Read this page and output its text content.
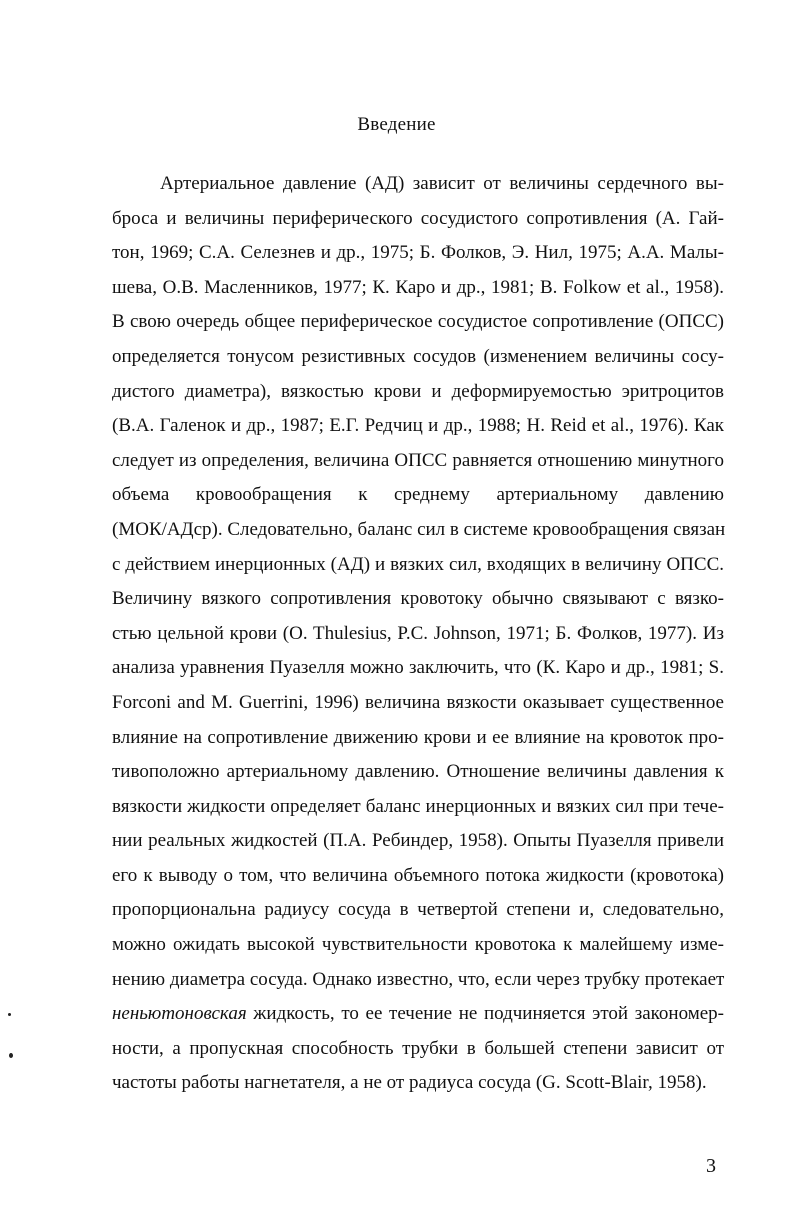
Введение
Артериальное давление (АД) зависит от величины сердечного вы-
броса и величины периферического сосудистого сопротивления (А. Гай-
тон, 1969; С.А. Селезнев и др., 1975; Б. Фолков, Э. Нил, 1975; А.А. Малы-
шева, О.В. Масленников, 1977; К. Каро и др., 1981; B. Folkow et al., 1958).
В свою очередь общее периферическое сосудистое сопротивление (ОПСС)
определяется тонусом резистивных сосудов (изменением величины сосу-
дистого диаметра), вязкостью крови и деформируемостью эритроцитов
(В.А. Галенок и др., 1987; Е.Г. Редчиц и др., 1988; H. Reid et al., 1976). Как
следует из определения, величина ОПСС равняется отношению минутного
объема кровообращения к среднему артериальному давлению
(МОК/АДср). Следовательно, баланс сил в системе кровообращения связан
с действием инерционных (АД) и вязких сил, входящих в величину ОПСС.
Величину вязкого сопротивления кровотоку обычно связывают с вязко-
стью цельной крови (O. Thulesius, P.C. Johnson, 1971; Б. Фолков, 1977). Из
анализа уравнения Пуазелля можно заключить, что (К. Каро и др., 1981; S.
Forconi and M. Guerrini, 1996) величина вязкости оказывает существенное
влияние на сопротивление движению крови и ее влияние на кровоток про-
тивоположно артериальному давлению. Отношение величины давления к
вязкости жидкости определяет баланс инерционных и вязких сил при тече-
нии реальных жидкостей (П.А. Ребиндер, 1958). Опыты Пуазелля привели
его к выводу о том, что величина объемного потока жидкости (кровотока)
пропорциональна радиусу сосуда в четвертой степени и, следовательно,
можно ожидать высокой чувствительности кровотока к малейшему изме-
нению диаметра сосуда. Однако известно, что, если через трубку протекает
неньютоновская жидкость, то ее течение не подчиняется этой закономер-
ности, а пропускная способность трубки в большей степени зависит от
частоты работы нагнетателя, а не от радиуса сосуда (G. Scott-Blair, 1958).
3
